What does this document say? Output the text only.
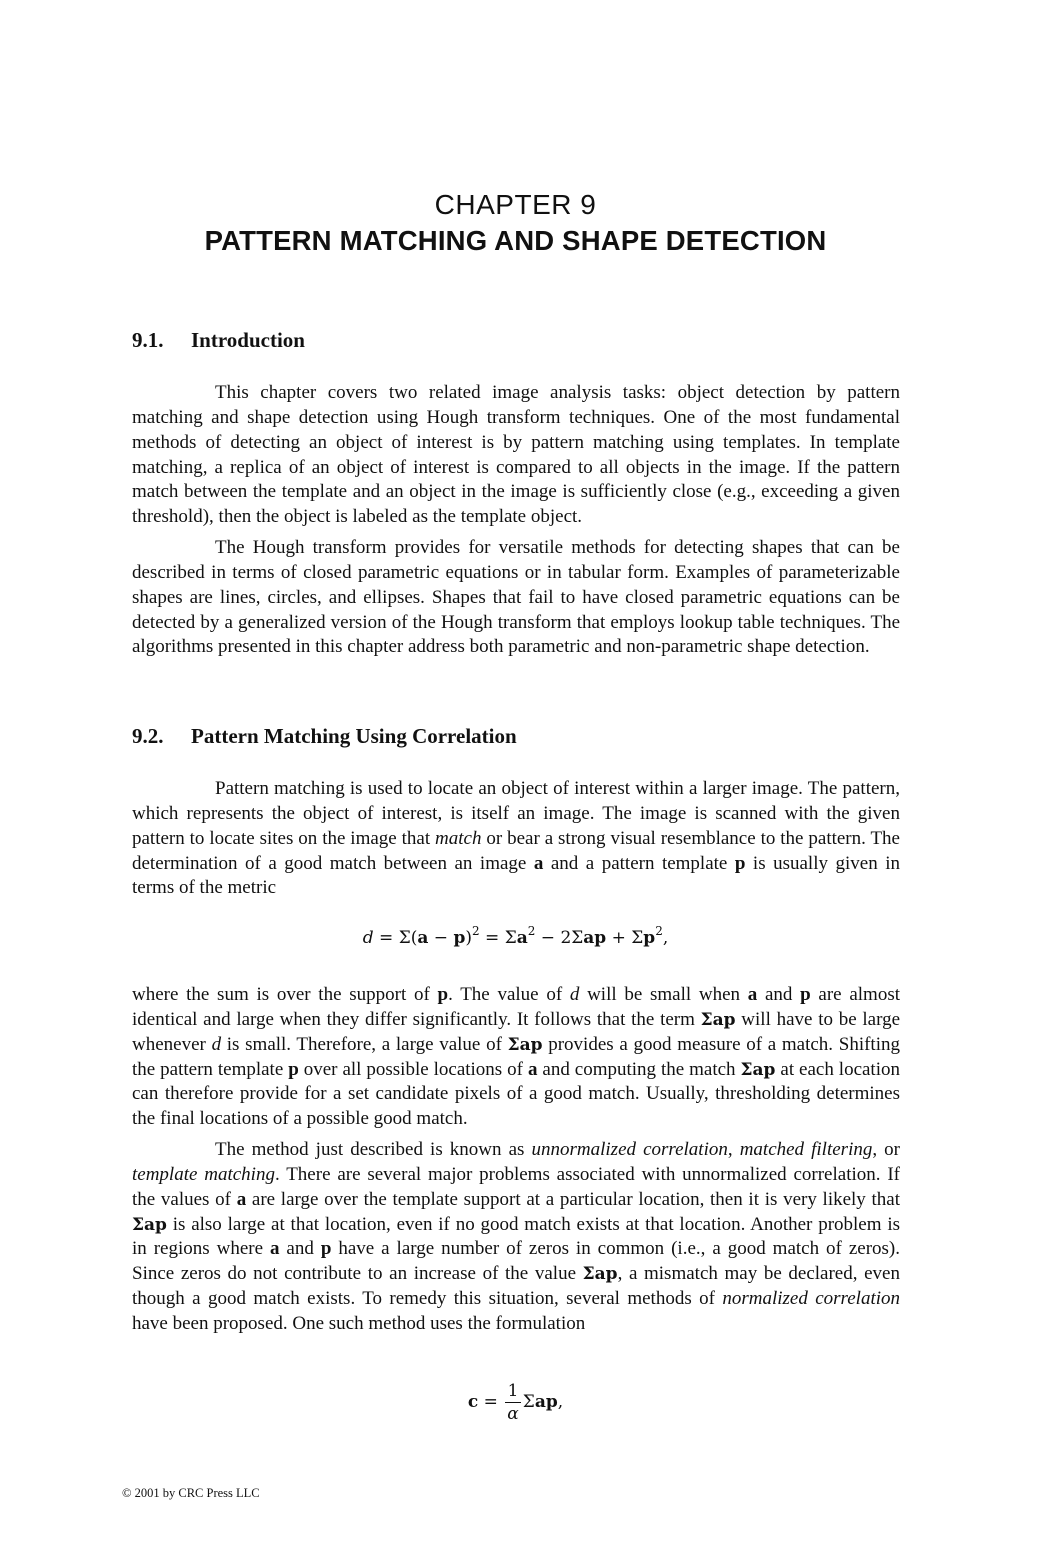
CHAPTER 9
PATTERN MATCHING AND SHAPE DETECTION
9.1. Introduction

This chapter covers two related image analysis tasks: object detection by pattern matching and shape detection using Hough transform techniques. One of the most fundamental methods of detecting an object of interest is by pattern matching using templates. In template matching, a replica of an object of interest is compared to all objects in the image. If the pattern match between the template and an object in the image is sufficiently close (e.g., exceeding a given threshold), then the object is labeled as the template object.

The Hough transform provides for versatile methods for detecting shapes that can be described in terms of closed parametric equations or in tabular form. Examples of parameterizable shapes are lines, circles, and ellipses. Shapes that fail to have closed parametric equations can be detected by a generalized version of the Hough transform that employs lookup table techniques. The algorithms presented in this chapter address both parametric and non-parametric shape detection.

9.2. Pattern Matching Using Correlation

Pattern matching is used to locate an object of interest within a larger image. The pattern, which represents the object of interest, is itself an image. The image is scanned with the given pattern to locate sites on the image that match or bear a strong visual resemblance to the pattern. The determination of a good match between an image a and a pattern template p is usually given in terms of the metric

$d = \Sigma(a - p)^2 = \Sigma a^2 - 2\Sigma ap + \Sigma p^2$,

where the sum is over the support of p. The value of d will be small when a and p are almost identical and large when they differ significantly. It follows that the term Σap will have to be large whenever d is small. Therefore, a large value of Σap provides a good measure of a match. Shifting the pattern template p over all possible locations of a and computing the match Σap at each location can therefore provide for a set candidate pixels of a good match. Usually, thresholding determines the final locations of a possible good match.

The method just described is known as unnormalized correlation, matched filtering, or template matching. There are several major problems associated with unnormalized correlation. If the values of a are large over the template support at a particular location, then it is very likely that Σap is also large at that location, even if no good match exists at that location. Another problem is in regions where a and p have a large number of zeros in common (i.e., a good match of zeros). Since zeros do not contribute to an increase of the value Σap, a mismatch may be declared, even though a good match exists. To remedy this situation, several methods of normalized correlation have been proposed. One such method uses the formulation

$c = \frac{1}{\alpha} \Sigma ap$,
© 2001 by CRC Press LLC
